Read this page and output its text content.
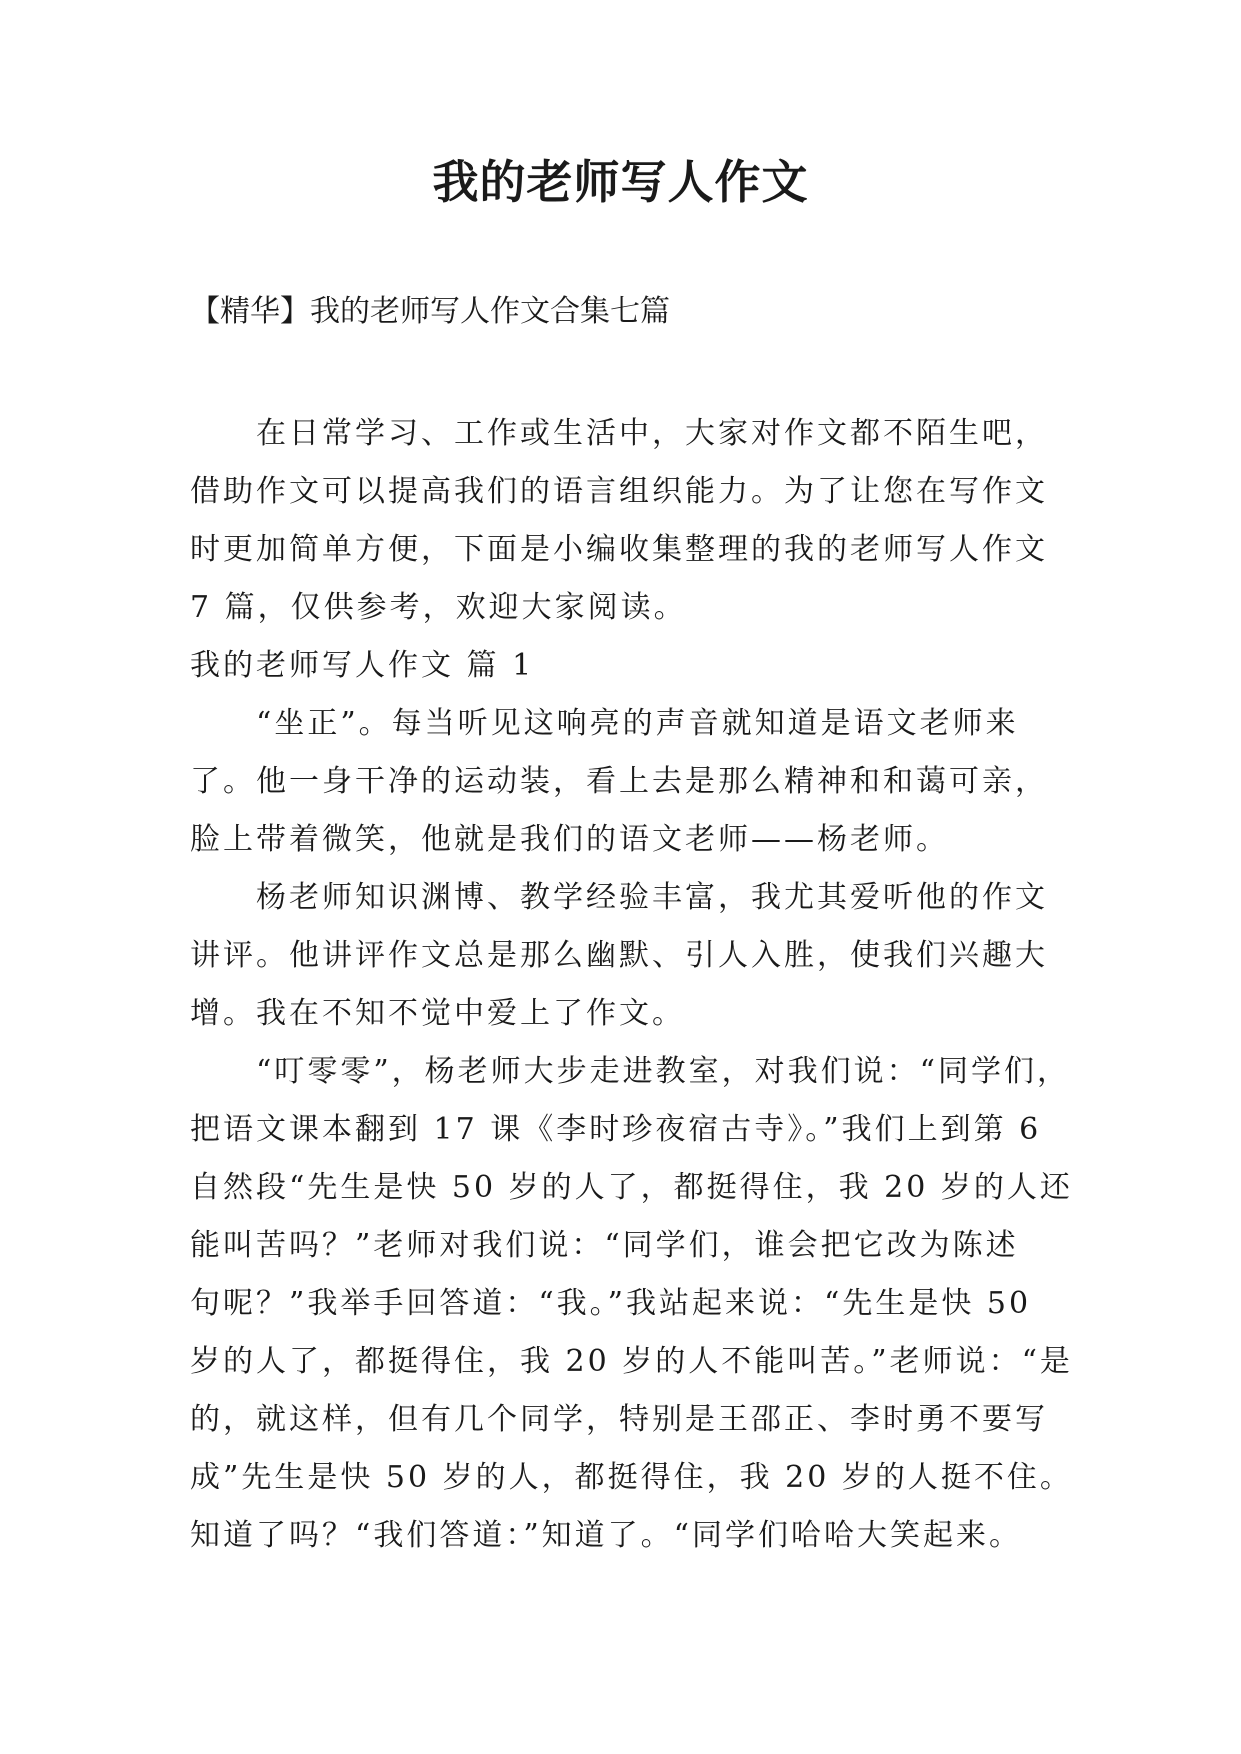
我的老师写人作文
【精华】我的老师写人作文合集七篇
在日常学习、工作或生活中，大家对作文都不陌生吧，
借助作文可以提高我们的语言组织能力。为了让您在写作文
时更加简单方便，下面是小编收集整理的我的老师写人作文
7 篇，仅供参考，欢迎大家阅读。
我的老师写人作文 篇 1
“坐正”。每当听见这响亮的声音就知道是语文老师来
了。他一身干净的运动装，看上去是那么精神和和蔼可亲，
脸上带着微笑，他就是我们的语文老师——杨老师。
杨老师知识渊博、教学经验丰富，我尤其爱听他的作文
讲评。他讲评作文总是那么幽默、引人入胜，使我们兴趣大
增。我在不知不觉中爱上了作文。
“叮零零”，杨老师大步走进教室，对我们说：“同学们，
把语文课本翻到 17 课《李时珍夜宿古寺》。”我们上到第 6
自然段“先生是快 50 岁的人了，都挺得住，我 20 岁的人还
能叫苦吗？”老师对我们说：“同学们，谁会把它改为陈述
句呢？”我举手回答道：“我。”我站起来说：“先生是快 50
岁的人了，都挺得住，我 20 岁的人不能叫苦。”老师说：“是
的，就这样，但有几个同学，特别是王邵正、李时勇不要写
成”先生是快 50 岁的人，都挺得住，我 20 岁的人挺不住。
知道了吗？“我们答道：”知道了。“同学们哈哈大笑起来。
